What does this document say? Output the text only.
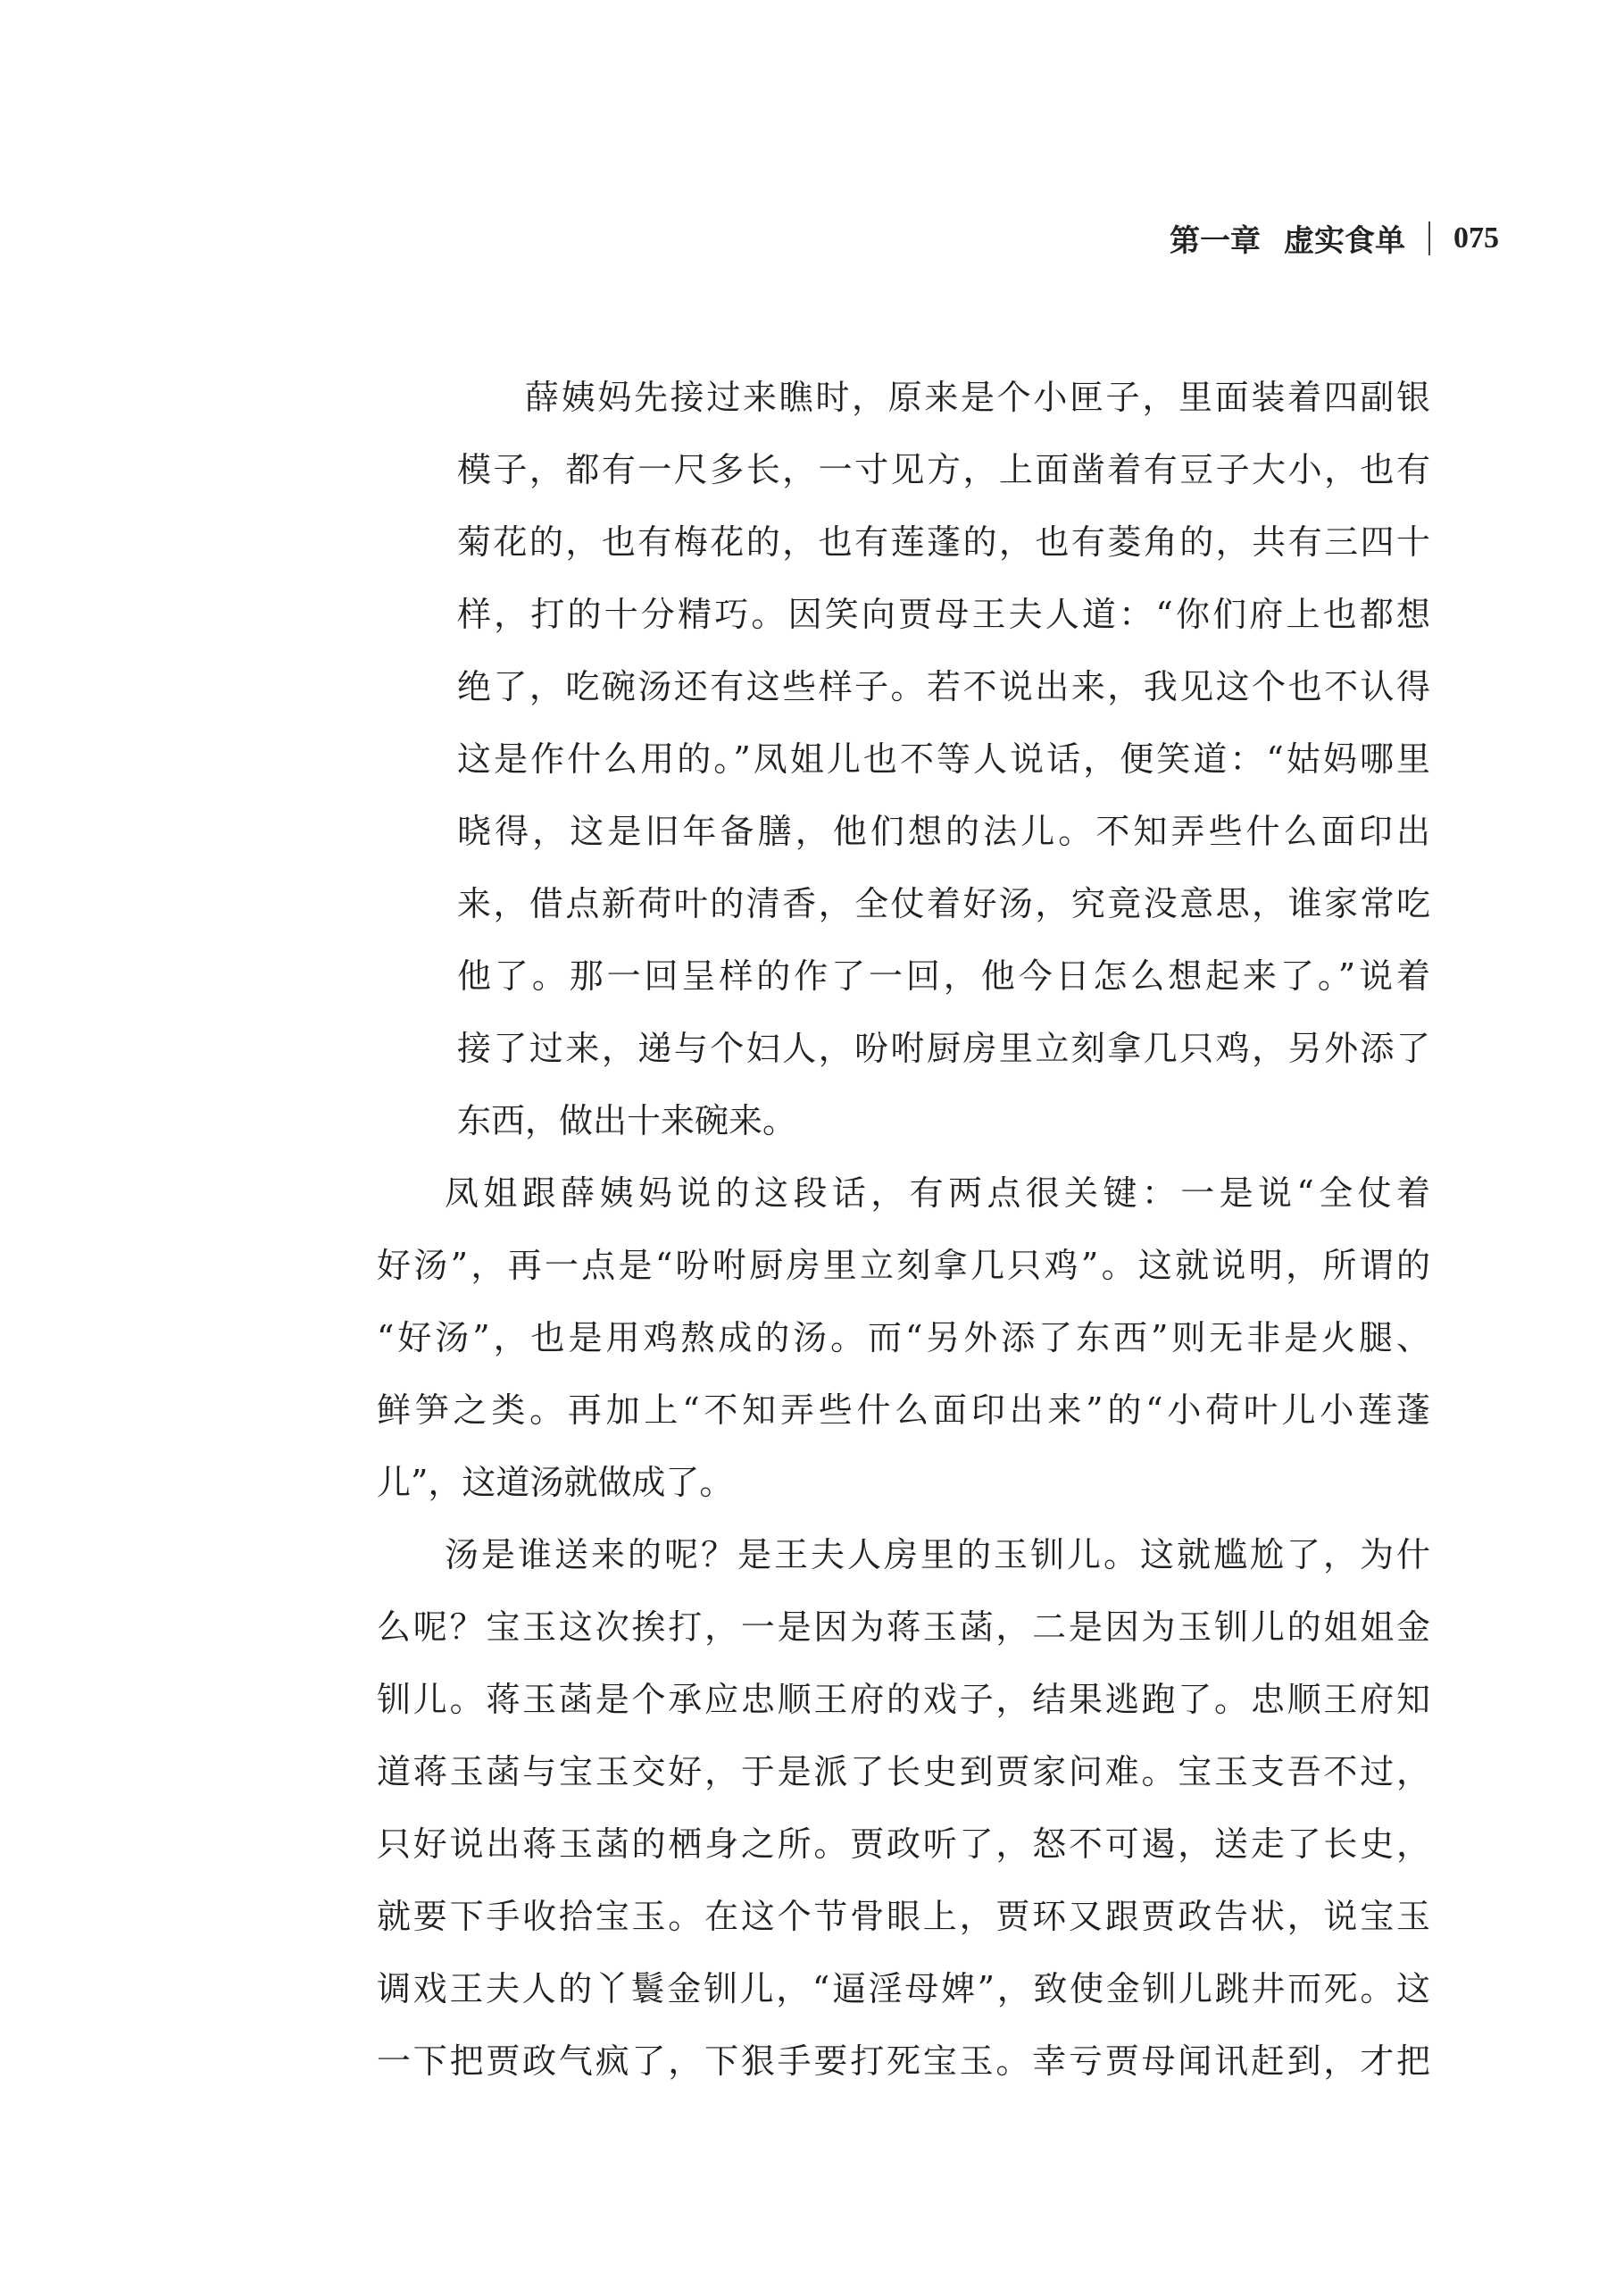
第一章 虚实食单 075
薛姨妈先接过来瞧时，原来是个小匣子，里面装着四副银
模子，都有一尺多长，一寸见方，上面凿着有豆子大小，也有
菊花的，也有梅花的，也有莲蓬的，也有菱角的，共有三四十
样，打的十分精巧。因笑向贾母王夫人道：“你们府上也都想
绝了，吃碗汤还有这些样子。若不说出来，我见这个也不认得
这是作什么用的。”凤姐儿也不等人说话，便笑道：“姑妈哪里
晓得，这是旧年备膳，他们想的法儿。不知弄些什么面印出
来，借点新荷叶的清香，全仗着好汤，究竟没意思，谁家常吃
他了。那一回呈样的作了一回，他今日怎么想起来了。”说着
接了过来，递与个妇人，吩咐厨房里立刻拿几只鸡，另外添了
东西，做出十来碗来。
凤姐跟薛姨妈说的这段话，有两点很关键：一是说“全仗着
好汤”，再一点是“吩咐厨房里立刻拿几只鸡”。这就说明，所谓的
“好汤”，也是用鸡熬成的汤。而“另外添了东西”则无非是火腿、
鲜笋之类。再加上“不知弄些什么面印出来”的“小荷叶儿小莲蓬
儿”，这道汤就做成了。
汤是谁送来的呢？是王夫人房里的玉钏儿。这就尴尬了，为什
么呢？宝玉这次挨打，一是因为蒋玉菡，二是因为玉钏儿的姐姐金
钏儿。蒋玉菡是个承应忠顺王府的戏子，结果逃跑了。忠顺王府知
道蒋玉菡与宝玉交好，于是派了长史到贾家问难。宝玉支吾不过，
只好说出蒋玉菡的栖身之所。贾政听了，怒不可遏，送走了长史，
就要下手收拾宝玉。在这个节骨眼上，贾环又跟贾政告状，说宝玉
调戏王夫人的丫鬟金钏儿，“逼淫母婢”，致使金钏儿跳井而死。这
一下把贾政气疯了，下狠手要打死宝玉。幸亏贾母闻讯赶到，才把
